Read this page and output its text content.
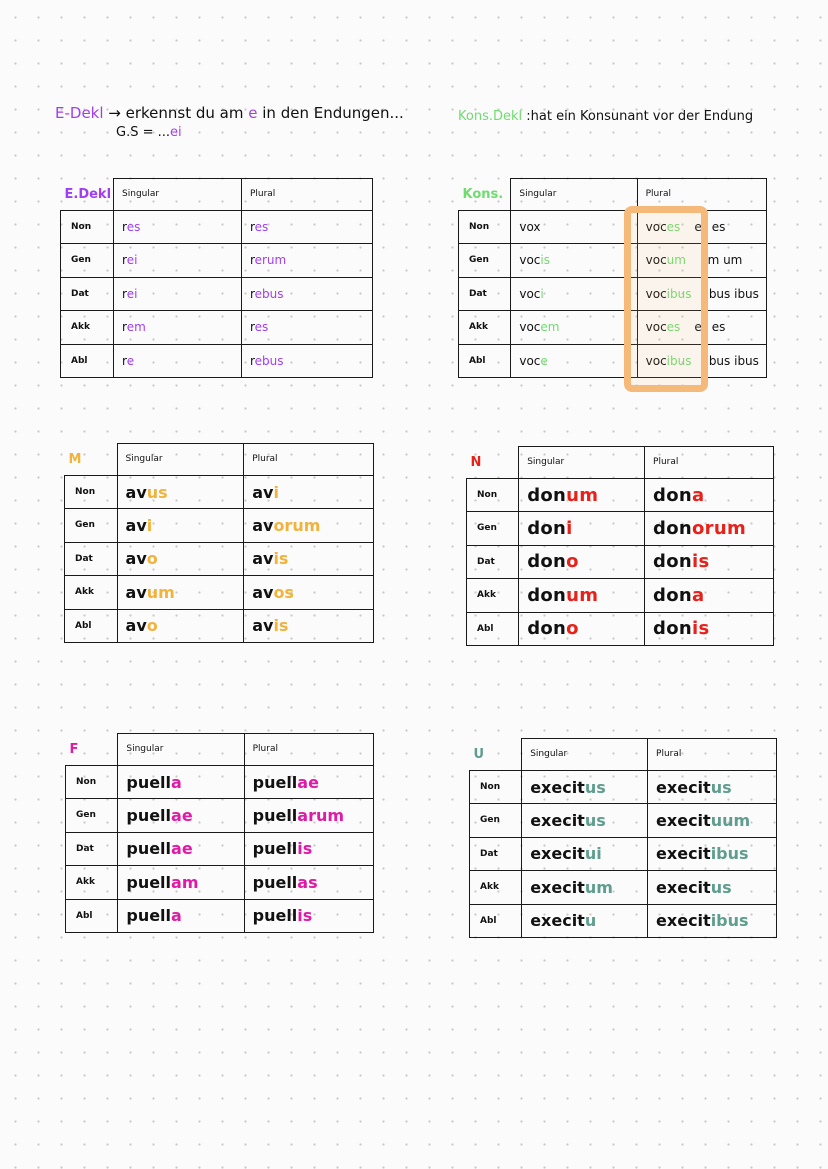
E-Dekl → erkennst du am e in den Endungen...
G.S = ...ei
Kons.Dekl :hat ein Konsunant vor der Endung
E.Dekl	Singular	Plural
Non	res	res
Gen	rei	rerum
Dat	rei	rebus
Akk	rem	res
Abl	re	rebus
Kons.	Singular	Plural
Non	vox	voces es es
Gen	vocis	vocum um um
Dat	voci	vocibus ibus ibus
Akk	vocem	voces es es
Abl	voce	vocibus ibus ibus
M	Singular	Plural
Non	avus	avi
Gen	avi	avorum
Dat	avo	avis
Akk	avum	avos
Abl	avo	avis
N	Singular	Plural
Non	donum	dona
Gen	doni	donorum
Dat	dono	donis
Akk	donum	dona
Abl	dono	donis
F	Singular	Plural
Non	puella	puellae
Gen	puellae	puellarum
Dat	puellae	puellis
Akk	puellam	puellas
Abl	puella	puellis
U	Singular	Plural
Non	execitus	execitus
Gen	execitus	execituum
Dat	execitui	execitibus
Akk	execitum	execitus
Abl	execitu	execitibus
